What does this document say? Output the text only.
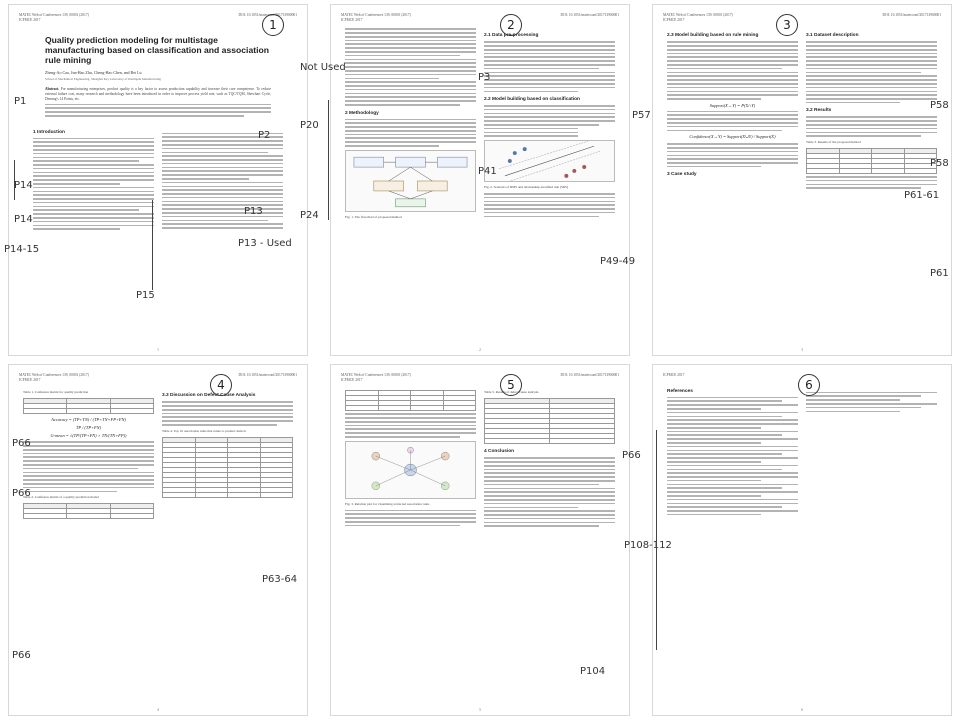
MATEC Web of Conferences 139, 00001 (2017)
ICFMCE 2017
DOI: 10.1051/matecconf/201713900001
Quality prediction modeling for multistage manufacturing based on classification and association rule mining
Zheng-Ao Cao, Jun-Hao Zhu, Cheng-Hao Chen, and Bei Lu
School of Mechanical Engineering, Shanghai Key Laboratory of Intelligent Manufacturing
Abstract. For manufacturing enterprises, product quality is a key factor to assess production capability and increase their core competence. To reduce external failure cost, many research and methodology have been introduced in order to improve process yield rate, such as TQC/TQM, Shewhart Cycle, Deming's 14 Points, etc.
1 Introduction
1
MATEC Web of Conferences 139, 00001 (2017)
ICFMCE 2017
DOI: 10.1051/matecconf/201713900001
2 Methodology
Fig. 1. The flowchart of proposed method
2.1 Data pre-processing
2.2 Model building based on classification
Fig. 2. Scenario of RMS and relationship-stratified rule (SRS)
2
MATEC Web of Conferences 139, 00001 (2017)
ICFMCE 2017
DOI: 10.1051/matecconf/201713900001
2.3 Model building based on rule mining
Support(X→Y) = P(X∩Y)
Confidence(X→Y) = Support(X∪Y) / Support(X)
3 Case study
3.1 Dataset description
3.2 Results
Table 3. Results of the proposed method

3
MATEC Web of Conferences 139, 00001 (2017)
ICFMCE 2017
DOI: 10.1051/matecconf/201713900001
Table 1. Confusion matrix for quality prediction

Accuracy = (TP+TN) / (TP+TN+FP+FN)
TP / (TP+FN)
G-mean = √(TP/(TP+FN) × TN/(TN+FP))
Table 2. Confusion matrix of a quality prediction model

3.3 Discussion on Defect Cause Analysis
Table 4. Top 10 association rules that relate to product defects

4
MATEC Web of Conferences 139, 00001 (2017)
ICFMCE 2017
DOI: 10.1051/matecconf/201713900001

Fig. 3. Relation plot for visualizing extracted association rules
Table 5. Results of defect cause analysis

4 Conclusion
5
ICFMCE 2017
References
6
1	2	3
4	5	6
P1
P2
P14
P14
P14-15
P15
P13
P13 - Used
Not Used
P20
P24
P3
P41
P49-49
P57
P58
P58
P61
P61-61
P66
P66
P63-64
P66
P104
P66
P108-112
